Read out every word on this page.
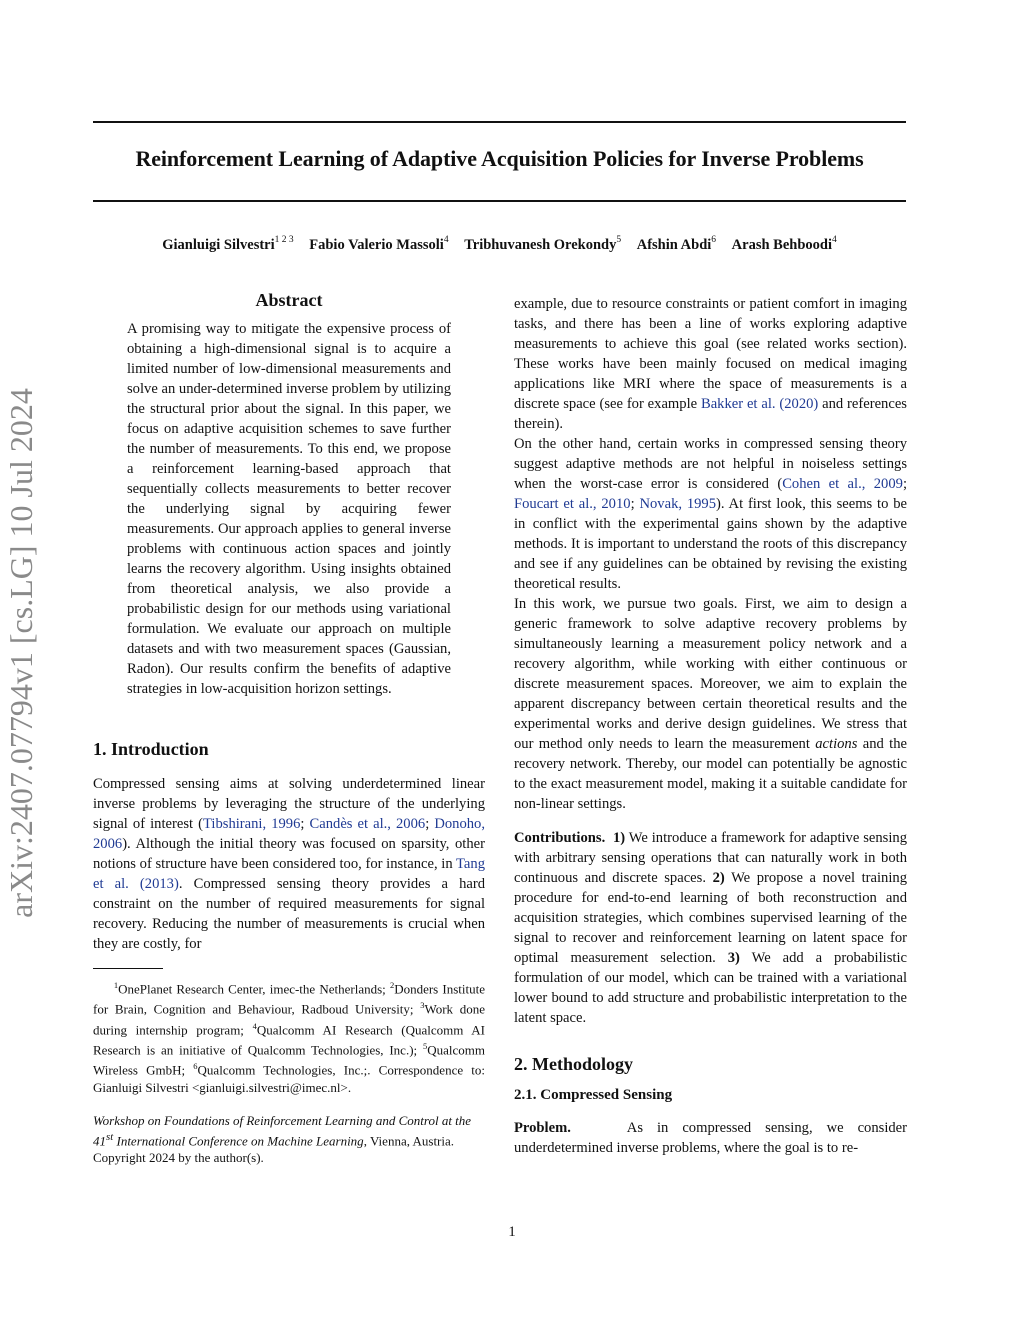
Reinforcement Learning of Adaptive Acquisition Policies for Inverse Problems
Gianluigi Silvestri$^{1 2 3}$ Fabio Valerio Massoli$^4$ Tribhuvanesh Orekondy$^5$ Afshin Abdi$^6$ Arash Behboodi$^4$
arXiv:2407.07794v1 [cs.LG] 10 Jul 2024
Abstract

A promising way to mitigate the expensive process of obtaining a high-dimensional signal is to acquire a limited number of low-dimensional measurements and solve an under-determined inverse problem by utilizing the structural prior about the signal. In this paper, we focus on adaptive acquisition schemes to save further the number of measurements. To this end, we propose a reinforcement learning-based approach that sequentially collects measurements to better recover the underlying signal by acquiring fewer measurements. Our approach applies to general inverse problems with continuous action spaces and jointly learns the recovery algorithm. Using insights obtained from theoretical analysis, we also provide a probabilistic design for our methods using variational formulation. We evaluate our approach on multiple datasets and with two measurement spaces (Gaussian, Radon). Our results confirm the benefits of adaptive strategies in low-acquisition horizon settings.

1. Introduction

Compressed sensing aims at solving underdetermined linear inverse problems by leveraging the structure of the underlying signal of interest (Tibshirani, 1996; Candès et al., 2006; Donoho, 2006). Although the initial theory was focused on sparsity, other notions of structure have been considered too, for instance, in Tang et al. (2013). Compressed sensing theory provides a hard constraint on the number of required measurements for signal recovery. Reducing the number of measurements is crucial when they are costly, for

$^1$OnePlanet Research Center, imec-the Netherlands; $^2$Donders Institute for Brain, Cognition and Behaviour, Radboud University; $^3$Work done during internship program; $^4$Qualcomm AI Research (Qualcomm AI Research is an initiative of Qualcomm Technologies, Inc.); $^5$Qualcomm Wireless GmbH; $^6$Qualcomm Technologies, Inc.;. Correspondence to: Gianluigi Silvestri <gianluigi.silvestri@imec.nl>.

Workshop on Foundations of Reinforcement Learning and Control at the 41st International Conference on Machine Learning, Vienna, Austria. Copyright 2024 by the author(s).

example, due to resource constraints or patient comfort in imaging tasks, and there has been a line of works exploring adaptive measurements to achieve this goal (see related works section). These works have been mainly focused on medical imaging applications like MRI where the space of measurements is a discrete space (see for example Bakker et al. (2020) and references therein).

On the other hand, certain works in compressed sensing theory suggest adaptive methods are not helpful in noiseless settings when the worst-case error is considered (Cohen et al., 2009; Foucart et al., 2010; Novak, 1995). At first look, this seems to be in conflict with the experimental gains shown by the adaptive methods. It is important to understand the roots of this discrepancy and see if any guidelines can be obtained by revising the existing theoretical results.

In this work, we pursue two goals. First, we aim to design a generic framework to solve adaptive recovery problems by simultaneously learning a measurement policy network and a recovery algorithm, while working with either continuous or discrete measurement spaces. Moreover, we aim to explain the apparent discrepancy between certain theoretical results and the experimental works and derive design guidelines. We stress that our method only needs to learn the measurement actions and the recovery network. Thereby, our model can potentially be agnostic to the exact measurement model, making it a suitable candidate for non-linear settings.

Contributions. 1) We introduce a framework for adaptive sensing with arbitrary sensing operations that can naturally work in both continuous and discrete spaces. 2) We propose a novel training procedure for end-to-end learning of both reconstruction and acquisition strategies, which combines supervised learning of the signal to recover and reinforcement learning on latent space for optimal measurement selection. 3) We add a probabilistic formulation of our model, which can be trained with a variational lower bound to add structure and probabilistic interpretation to the latent space.

2. Methodology
2.1. Compressed Sensing

Problem.	As in compressed sensing, we consider underdetermined inverse problems, where the goal is to re-

1
